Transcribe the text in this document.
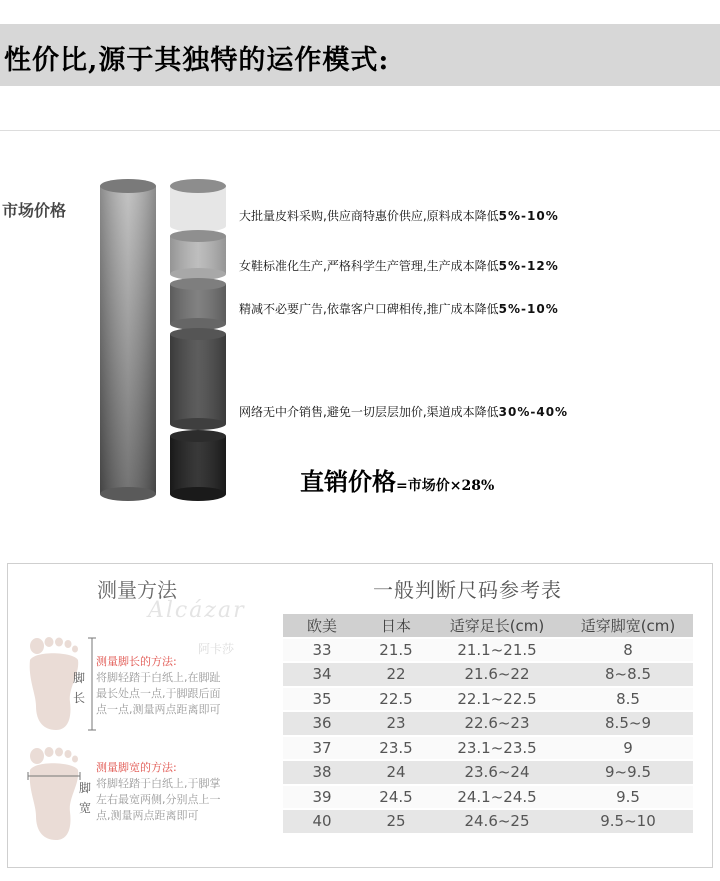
性价比,源于其独特的运作模式:
市场价格	大批量皮料采购,供应商特惠价供应,原料成本降低5%-10%
女鞋标准化生产,严格科学生产管理,生产成本降低5%-12%
精减不必要广告,依靠客户口碑相传,推广成本降低5%-10%
网络无中介销售,避免一切层层加价,渠道成本降低30%-40%
直销价格=市场价×28%
测量方法
Alcázar
阿卡莎
一般判断尺码参考表
脚长
测量脚长的方法:
将脚轻踏于白纸上,在脚趾
最长处点一点,于脚跟后面
点一点,测量两点距离即可
脚宽
测量脚宽的方法:
将脚轻踏于白纸上,于脚掌
左右最宽两侧,分别点上一
点,测量两点距离即可
欧美	日本	适穿足长(cm)	适穿脚宽(cm)
33	21.5	21.1~21.5	8
34	22	21.6~22	8~8.5
35	22.5	22.1~22.5	8.5
36	23	22.6~23	8.5~9
37	23.5	23.1~23.5	9
38	24	23.6~24	9~9.5
39	24.5	24.1~24.5	9.5
40	25	24.6~25	9.5~10
